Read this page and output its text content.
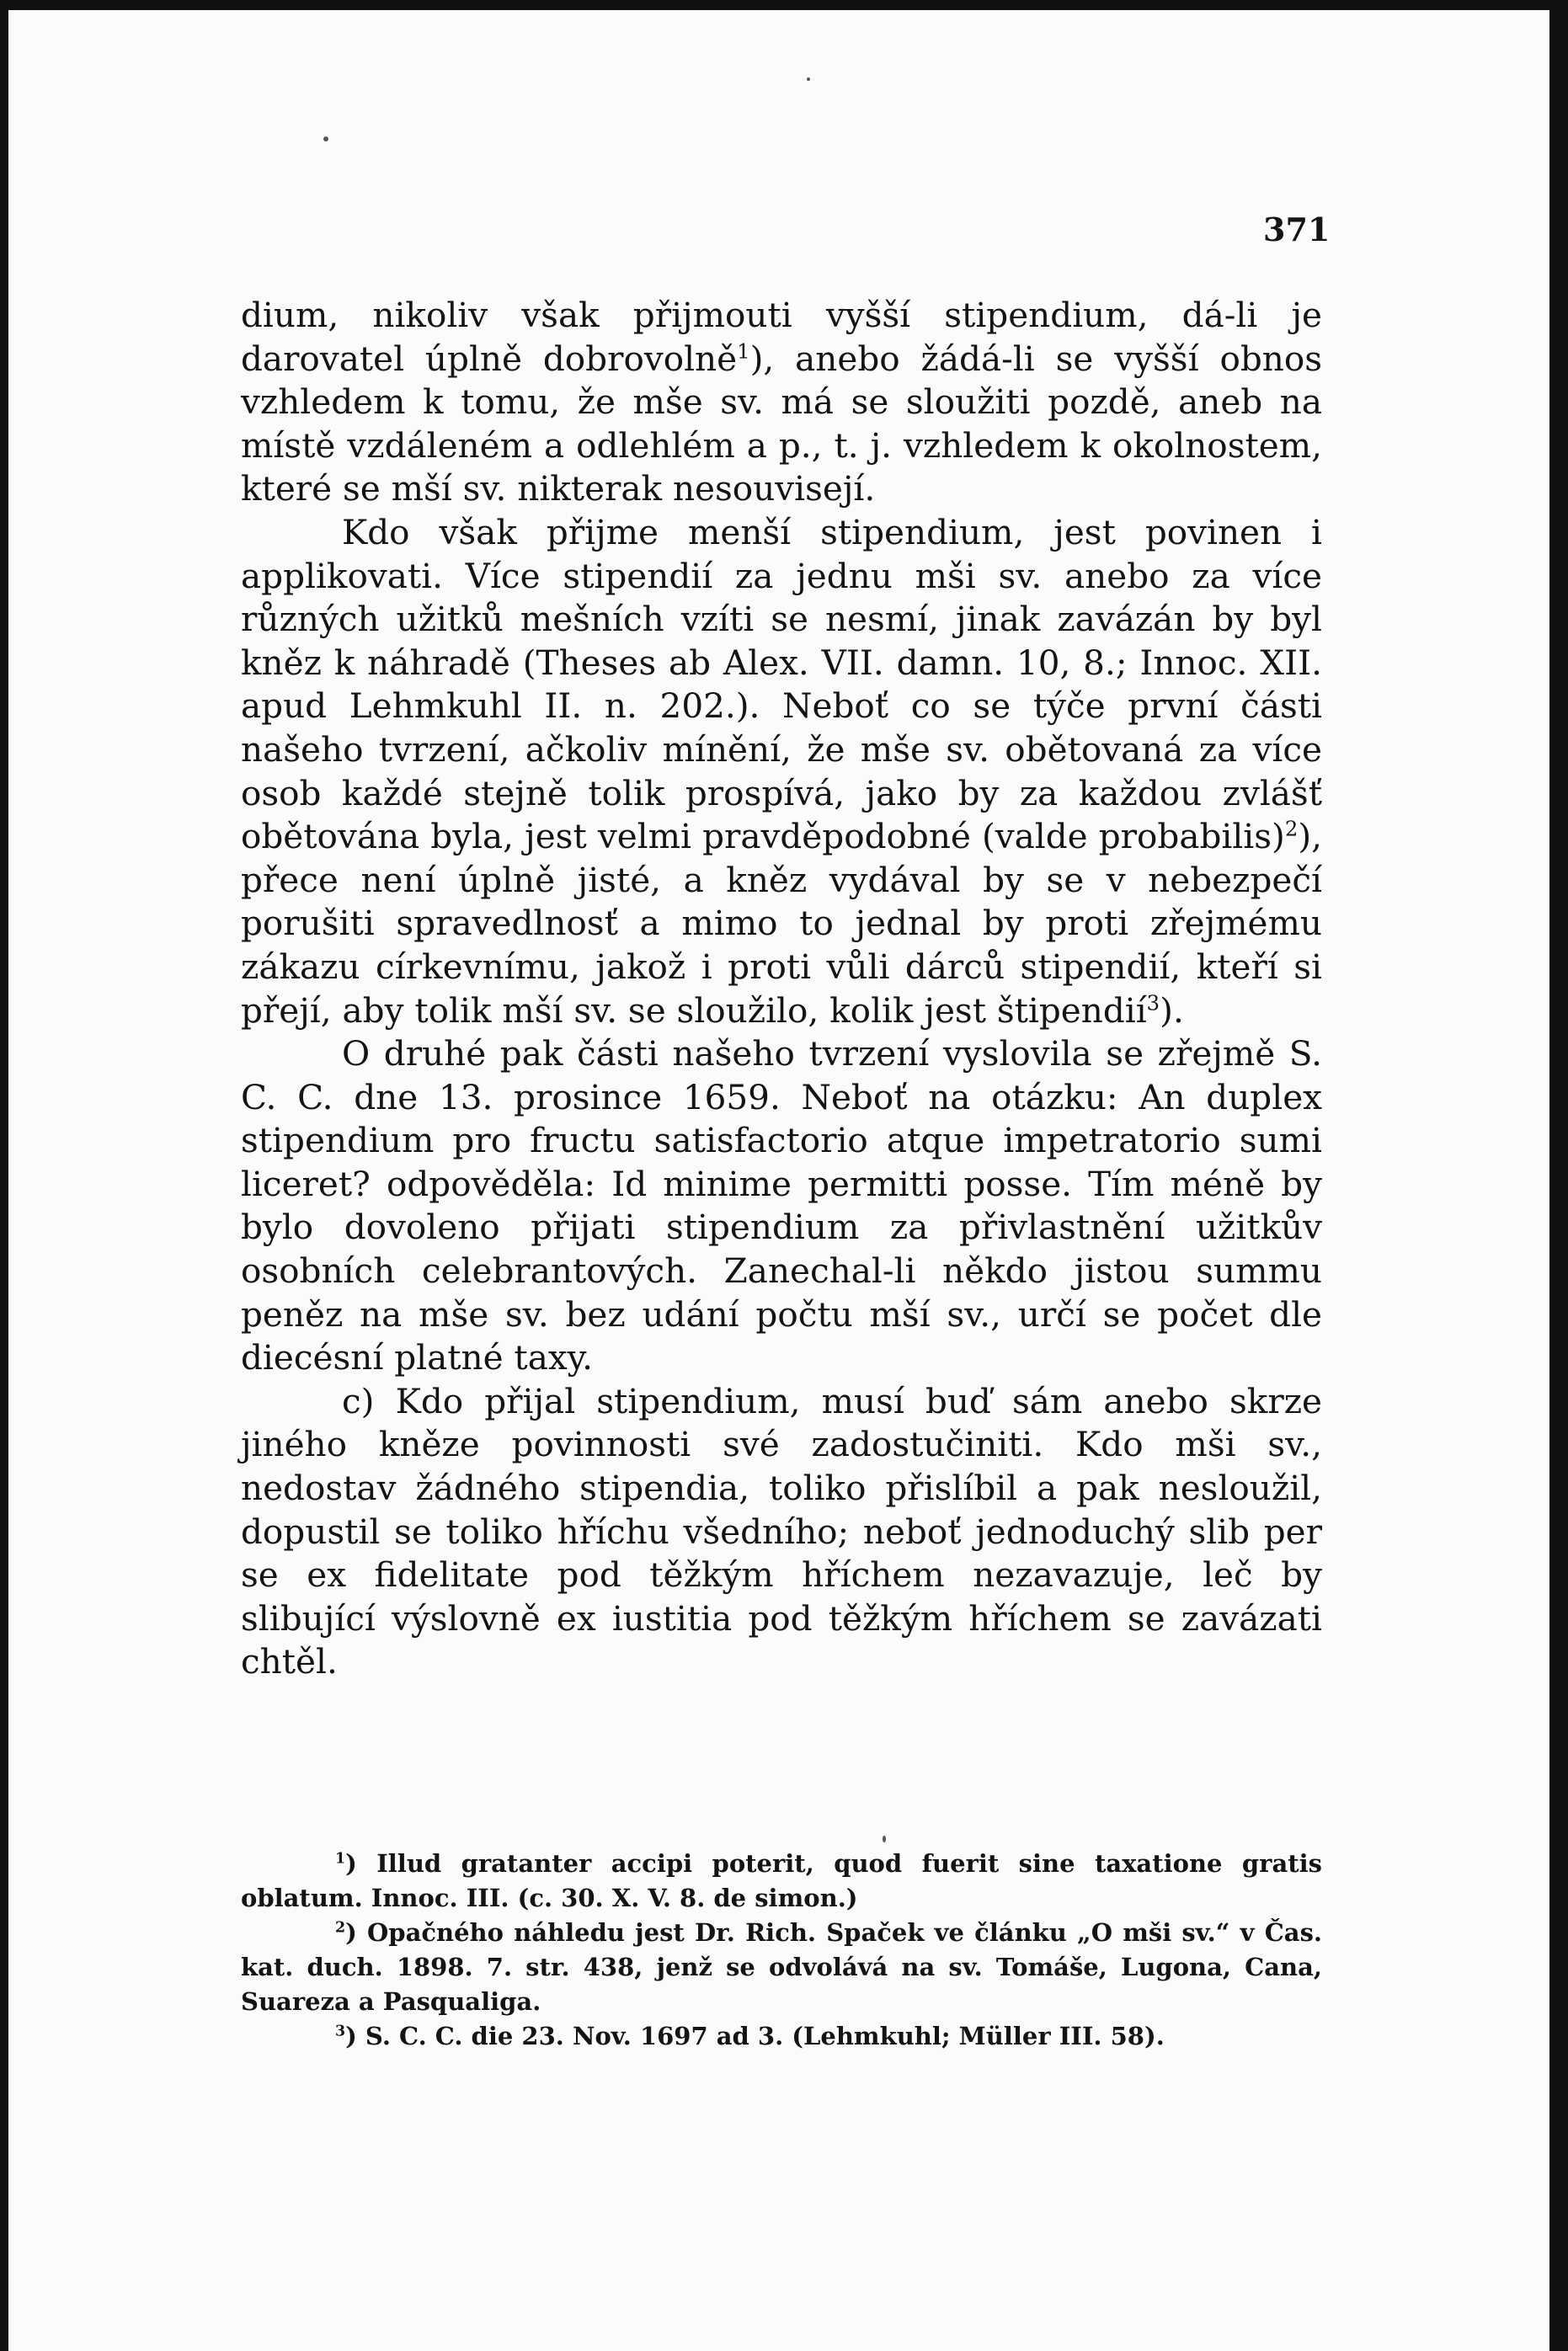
371

dium, nikoliv však přijmouti vyšší stipendium, dá-li je darovatel úplně dobrovolně$^1$), anebo žádá-li se vyšší obnos vzhledem k tomu, že mše sv. má se sloužiti pozdě, aneb na místě vzdáleném a odlehlém a p., t. j. vzhledem k okolnostem, které se mší sv. nikterak nesouvisejí.

Kdo však přijme menší stipendium, jest povinen i applikovati. Více stipendií za jednu mši sv. anebo za více různých užitků mešních vzíti se nesmí, jinak zavázán by byl kněz k náhradě (Theses ab Alex. VII. damn. 10, 8.; Innoc. XII. apud Lehmkuhl II. n. 202.). Neboť co se týče první části našeho tvrzení, ačkoliv mínění, že mše sv. obětovaná za více osob každé stejně tolik prospívá, jako by za každou zvlášť obětována byla, jest velmi pravděpodobné (valde probabilis)$^2$), přece není úplně jisté, a kněz vydával by se v nebezpečí porušiti spravedlnosť a mimo to jednal by proti zřejmému zákazu církevnímu, jakož i proti vůli dárců stipendií, kteří si přejí, aby tolik mší sv. se sloužilo, kolik jest štipendií$^3$).

O druhé pak části našeho tvrzení vyslovila se zřejmě S. C. C. dne 13. prosince 1659. Neboť na otázku: An duplex stipendium pro fructu satisfactorio atque impetratorio sumi liceret? odpověděla: Id minime permitti posse. Tím méně by bylo dovoleno přijati stipendium za přivlastnění užitkův osobních celebrantových. Zanechal-li někdo jistou summu peněz na mše sv. bez udání počtu mší sv., určí se počet dle diecésní platné taxy.

c) Kdo přijal stipendium, musí buď sám anebo skrze jiného kněze povinnosti své zadostučiniti. Kdo mši sv., nedostav žádného stipendia, toliko přislíbil a pak nesloužil, dopustil se toliko hříchu všedního; neboť jednoduchý slib per se ex fidelitate pod těžkým hříchem nezavazuje, leč by slibující výslovně ex iustitia pod těžkým hříchem se zavázati chtěl.

$^1$) Illud gratanter accipi poterit, quod fuerit sine taxatione gratis oblatum. Innoc. III. (c. 30. X. V. 8. de simon.)

$^2$) Opačného náhledu jest Dr. Rich. Spaček ve článku „O mši sv.“ v Čas. kat. duch. 1898. 7. str. 438, jenž se odvolává na sv. Tomáše, Lugona, Cana, Suareza a Pasqualiga.

$^3$) S. C. C. die 23. Nov. 1697 ad 3. (Lehmkuhl; Müller III. 58).
